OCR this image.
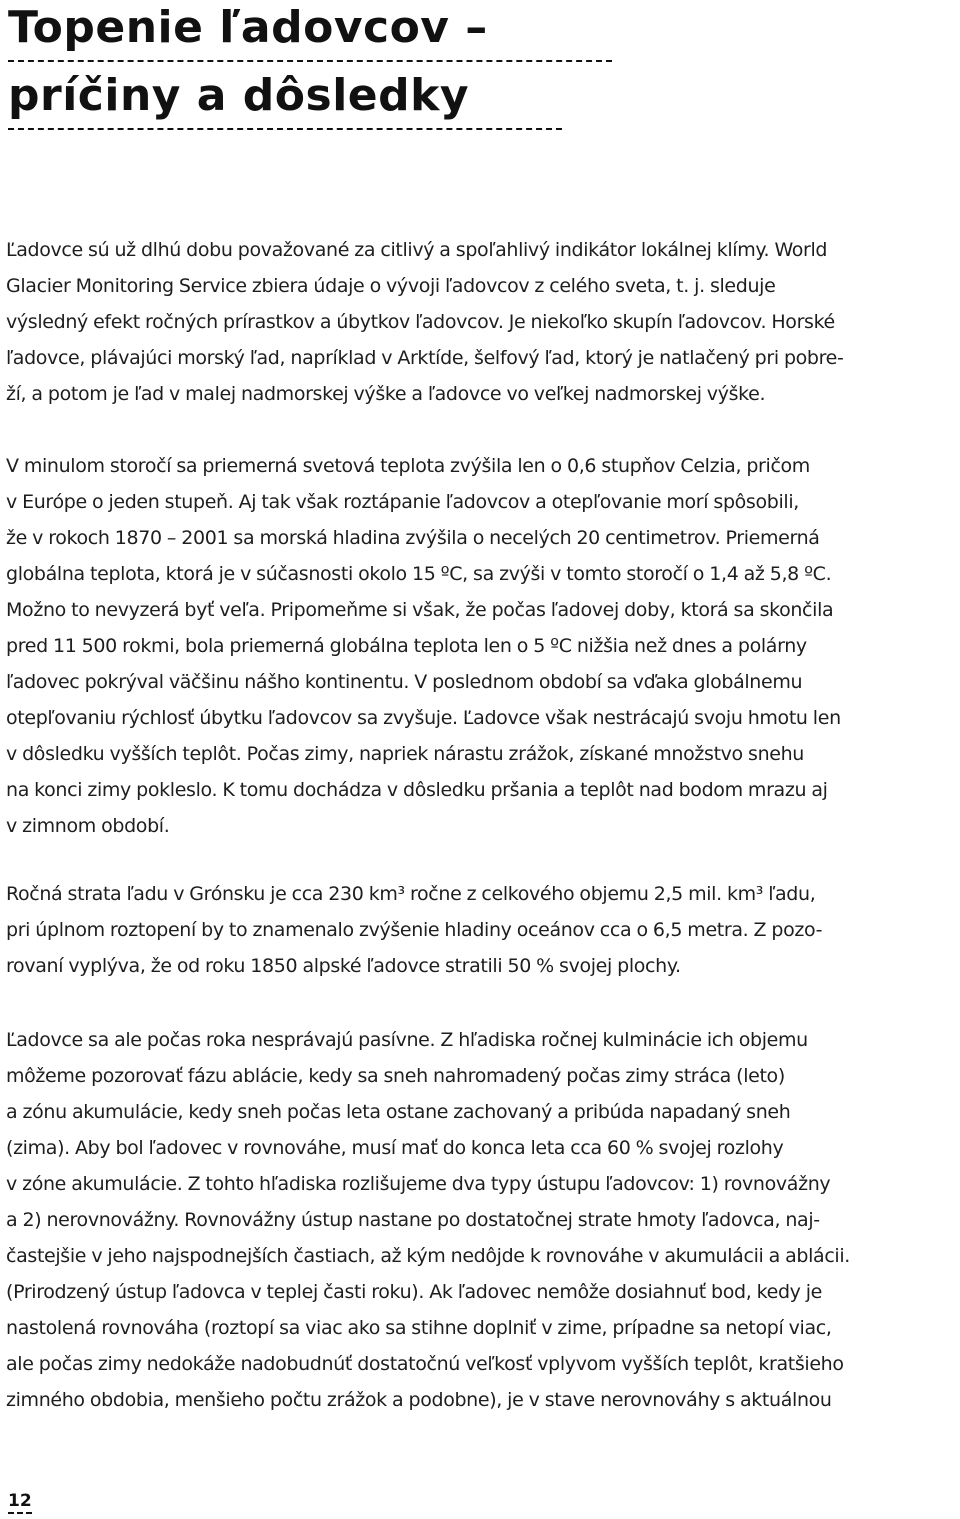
Topenie ľadovcov –
príčiny a dôsledky

Ľadovce sú už dlhú dobu považované za citlivý a spoľahlivý indikátor lokálnej klímy. World
Glacier Monitoring Service zbiera údaje o vývoji ľadovcov z celého sveta, t. j. sleduje
výsledný efekt ročných prírastkov a úbytkov ľadovcov. Je niekoľko skupín ľadovcov. Horské
ľadovce, plávajúci morský ľad, napríklad v Arktíde, šelfový ľad, ktorý je natlačený pri pobre-
ží, a potom je ľad v malej nadmorskej výške a ľadovce vo veľkej nadmorskej výške.

V minulom storočí sa priemerná svetová teplota zvýšila len o 0,6 stupňov Celzia, pričom
v Európe o jeden stupeň. Aj tak však roztápanie ľadovcov a otepľovanie morí spôsobili,
že v rokoch 1870 – 2001 sa morská hladina zvýšila o necelých 20 centimetrov. Priemerná
globálna teplota, ktorá je v súčasnosti okolo 15 ºC, sa zvýši v tomto storočí o 1,4 až 5,8 ºC.
Možno to nevyzerá byť veľa. Pripomeňme si však, že počas ľadovej doby, ktorá sa skončila
pred 11 500 rokmi, bola priemerná globálna teplota len o 5 ºC nižšia než dnes a polárny
ľadovec pokrýval väčšinu nášho kontinentu. V poslednom období sa vďaka globálnemu
otepľovaniu rýchlosť úbytku ľadovcov sa zvyšuje. Ľadovce však nestrácajú svoju hmotu len
v dôsledku vyšších teplôt. Počas zimy, napriek nárastu zrážok, získané množstvo snehu
na konci zimy pokleslo. K tomu dochádza v dôsledku pršania a teplôt nad bodom mrazu aj
v zimnom období.

Ročná strata ľadu v Grónsku je cca 230 km³ ročne z celkového objemu 2,5 mil. km³ ľadu,
pri úplnom roztopení by to znamenalo zvýšenie hladiny oceánov cca o 6,5 metra. Z pozo-
rovaní vyplýva, že od roku 1850 alpské ľadovce stratili 50 % svojej plochy.

Ľadovce sa ale počas roka nesprávajú pasívne. Z hľadiska ročnej kulminácie ich objemu
môžeme pozorovať fázu ablácie, kedy sa sneh nahromadený počas zimy stráca (leto)
a zónu akumulácie, kedy sneh počas leta ostane zachovaný a pribúda napadaný sneh
(zima). Aby bol ľadovec v rovnováhe, musí mať do konca leta cca 60 % svojej rozlohy
v zóne akumulácie. Z tohto hľadiska rozlišujeme dva typy ústupu ľadovcov: 1) rovnovážny
a 2) nerovnovážny. Rovnovážny ústup nastane po dostatočnej strate hmoty ľadovca, naj-
častejšie v jeho najspodnejších častiach, až kým nedôjde k rovnováhe v akumulácii a ablácii.
(Prirodzený ústup ľadovca v teplej časti roku). Ak ľadovec nemôže dosiahnuť bod, kedy je
nastolená rovnováha (roztopí sa viac ako sa stihne doplniť v zime, prípadne sa netopí viac,
ale počas zimy nedokáže nadobudnúť dostatočnú veľkosť vplyvom vyšších teplôt, kratšieho
zimného obdobia, menšieho počtu zrážok a podobne), je v stave nerovnováhy s aktuálnou

12
